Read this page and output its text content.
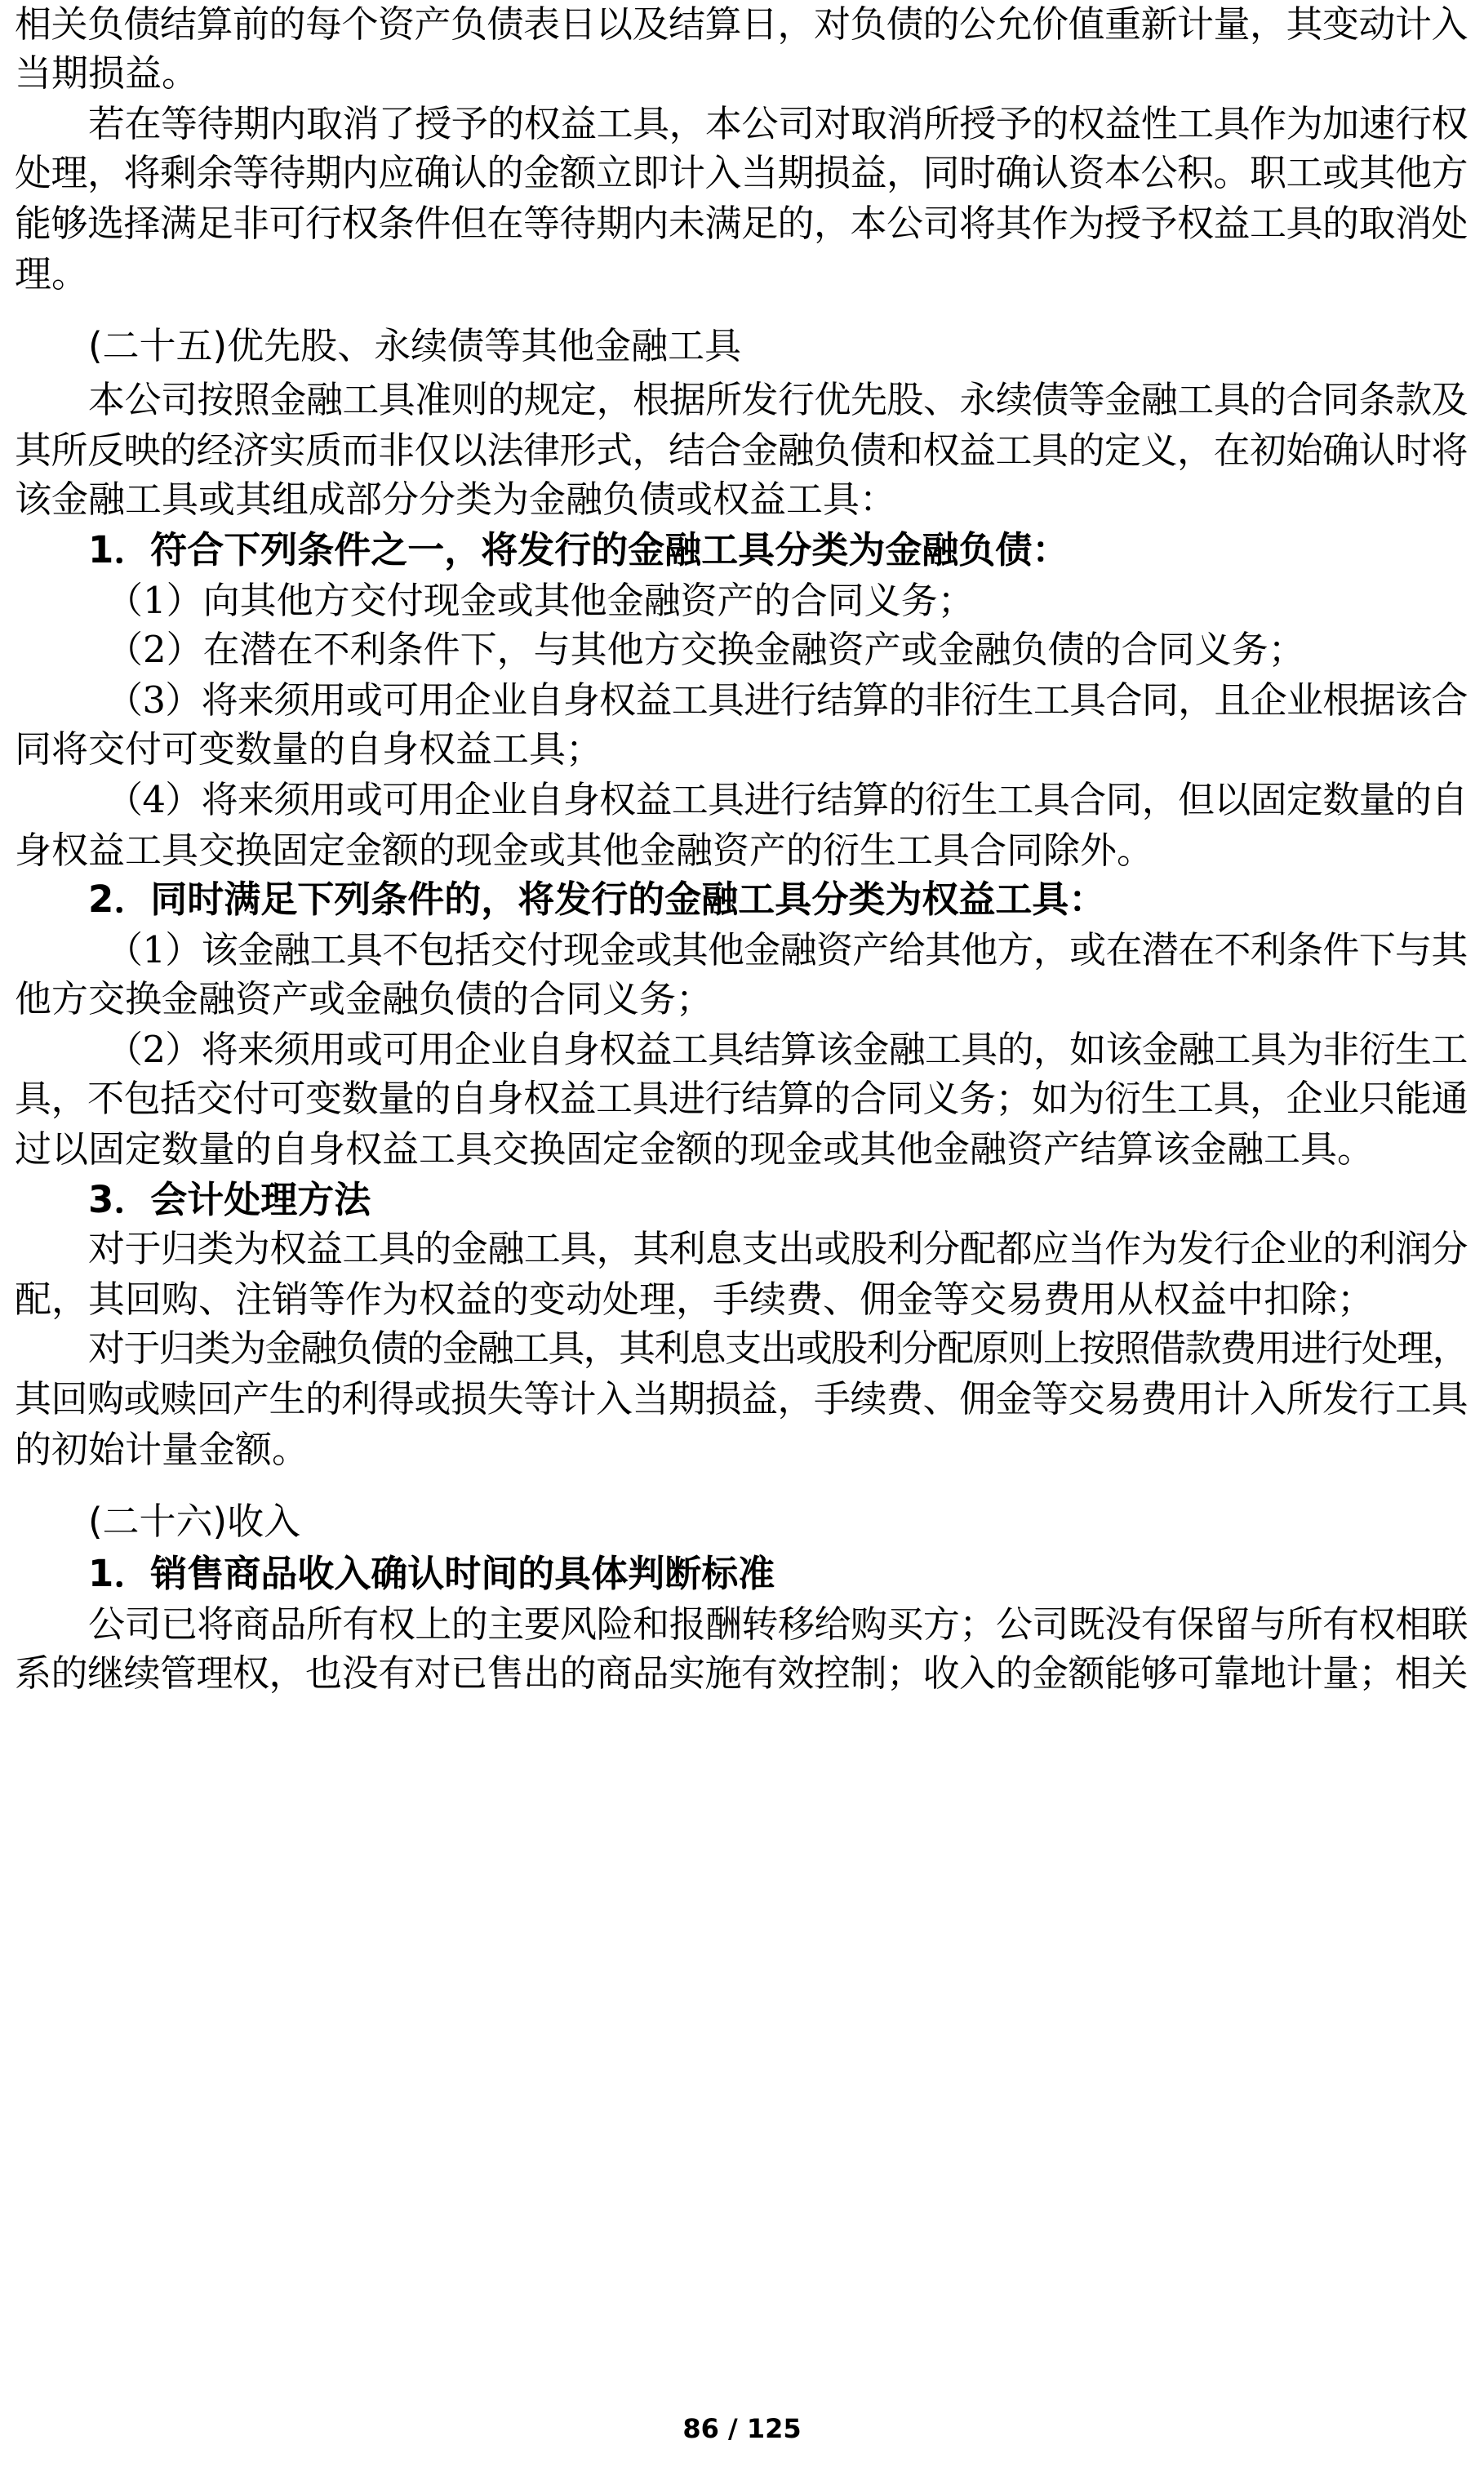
相关负债结算前的每个资产负债表日以及结算日，对负债的公允价值重新计量，其变动计入
当期损益。
若在等待期内取消了授予的权益工具，本公司对取消所授予的权益性工具作为加速行权
处理，将剩余等待期内应确认的金额立即计入当期损益，同时确认资本公积。职工或其他方
能够选择满足非可行权条件但在等待期内未满足的，本公司将其作为授予权益工具的取消处
理。
(二十五)优先股、永续债等其他金融工具
本公司按照金融工具准则的规定，根据所发行优先股、永续债等金融工具的合同条款及
其所反映的经济实质而非仅以法律形式，结合金融负债和权益工具的定义，在初始确认时将
该金融工具或其组成部分分类为金融负债或权益工具：
1．符合下列条件之一，将发行的金融工具分类为金融负债：
（1）向其他方交付现金或其他金融资产的合同义务；
（2）在潜在不利条件下，与其他方交换金融资产或金融负债的合同义务；
（3）将来须用或可用企业自身权益工具进行结算的非衍生工具合同，且企业根据该合
同将交付可变数量的自身权益工具；
（4）将来须用或可用企业自身权益工具进行结算的衍生工具合同，但以固定数量的自
身权益工具交换固定金额的现金或其他金融资产的衍生工具合同除外。
2．同时满足下列条件的，将发行的金融工具分类为权益工具：
（1）该金融工具不包括交付现金或其他金融资产给其他方，或在潜在不利条件下与其
他方交换金融资产或金融负债的合同义务；
（2）将来须用或可用企业自身权益工具结算该金融工具的，如该金融工具为非衍生工
具，不包括交付可变数量的自身权益工具进行结算的合同义务；如为衍生工具，企业只能通
过以固定数量的自身权益工具交换固定金额的现金或其他金融资产结算该金融工具。
3．会计处理方法
对于归类为权益工具的金融工具，其利息支出或股利分配都应当作为发行企业的利润分
配，其回购、注销等作为权益的变动处理，手续费、佣金等交易费用从权益中扣除；
对于归类为金融负债的金融工具，其利息支出或股利分配原则上按照借款费用进行处理，
其回购或赎回产生的利得或损失等计入当期损益，手续费、佣金等交易费用计入所发行工具
的初始计量金额。
(二十六)收入
1．销售商品收入确认时间的具体判断标准
公司已将商品所有权上的主要风险和报酬转移给购买方；公司既没有保留与所有权相联
系的继续管理权，也没有对已售出的商品实施有效控制；收入的金额能够可靠地计量；相关
86 / 125
